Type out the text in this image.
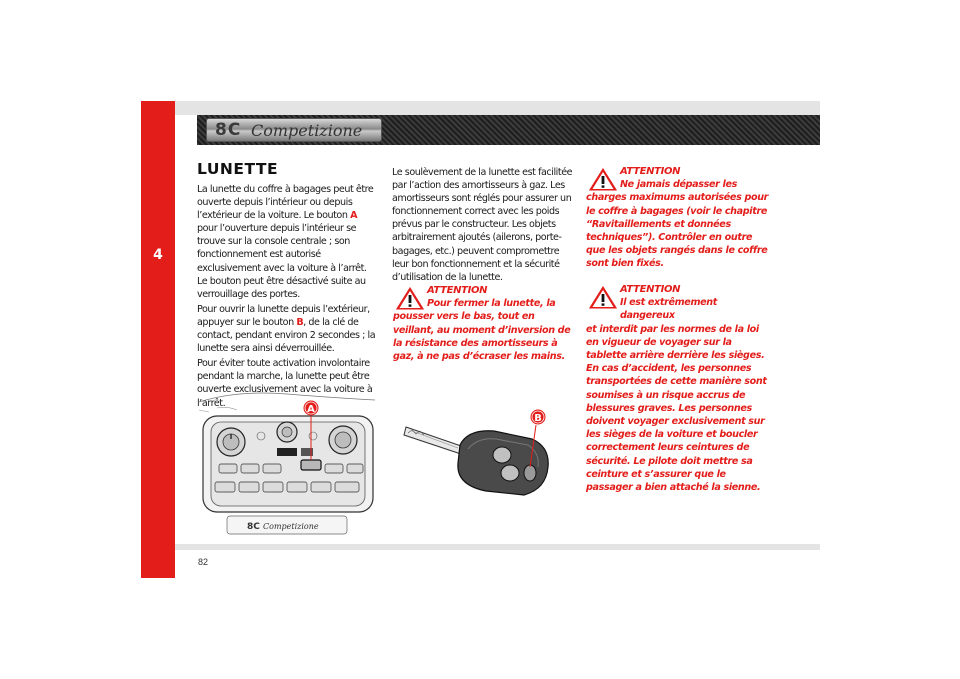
4
8C Competizione
LUNETTE

La lunette du coffre à bagages peut être ouverte depuis l’intérieur ou depuis l’extérieur de la voiture. Le bouton A pour l’ouverture depuis l’intérieur se trouve sur la console centrale ; son fonctionnement est autorisé exclusivement avec la voiture à l’arrêt. Le bouton peut être désactivé suite au verrouillage des portes.

Pour ouvrir la lunette depuis l’extérieur, appuyer sur le bouton B, de la clé de contact, pendant environ 2 secondes ; la lunette sera ainsi déverrouillée.

Pour éviter toute activation involontaire pendant la marche, la lunette peut être ouverte exclusivement avec la voiture à l’arrêt.

Le soulèvement de la lunette est facilitée par l’action des amortisseurs à gaz. Les amortisseurs sont réglés pour assurer un fonctionnement correct avec les poids prévus par le constructeur. Les objets arbitrairement ajoutés (ailerons, porte-bagages, etc.) peuvent compromettre leur bon fonctionnement et la sécurité d’utilisation de la lunette.

ATTENTION
Pour fermer la lunette, la
pousser vers le bas, tout en veillant, au moment d’inversion de la résistance des amortisseurs à gaz, à ne pas d’écraser les mains.
ATTENTION
Ne jamais dépasser les
charges maximums autorisées pour le coffre à bagages (voir le chapitre “Ravitaillements et données techniques”). Contrôler en outre que les objets rangés dans le coffre sont bien fixés.
ATTENTION
Il est extrêmement dangereux
et interdit par les normes de la loi en vigueur de voyager sur la tablette arrière derrière les sièges. En cas d’accident, les personnes transportées de cette manière sont soumises à un risque accrus de blessures graves. Les personnes doivent voyager exclusivement sur les sièges de la voiture et boucler correctement leurs ceintures de sécurité. Le pilote doit mettre sa ceinture et s’assurer que le passager a bien attaché la sienne.
8C Competizione
A
B
82
